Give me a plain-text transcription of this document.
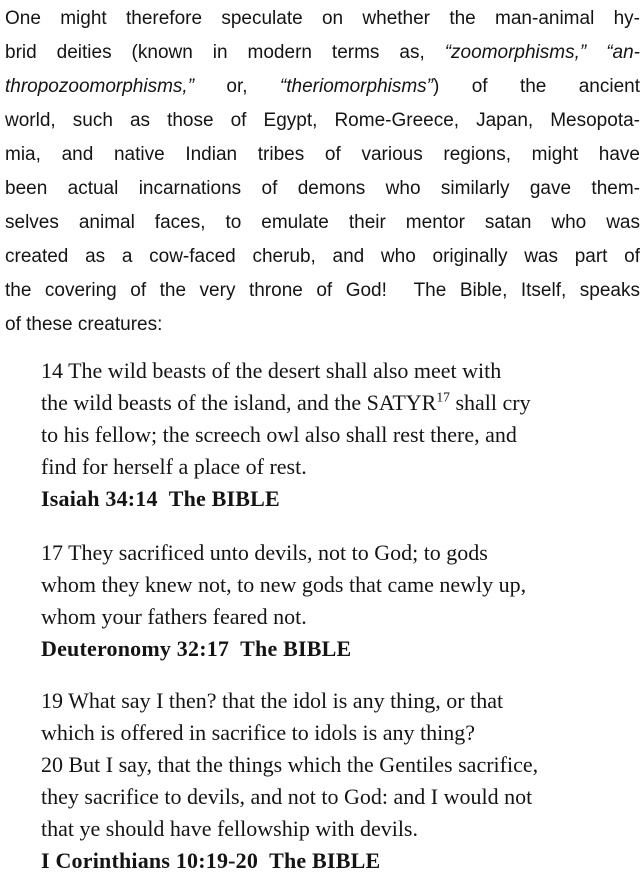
One might therefore speculate on whether the man-animal hy-
brid deities (known in modern terms as, “zoomorphisms,” “an-
thropozoomorphisms,” or, “theriomorphisms”) of the ancient
world, such as those of Egypt, Rome-Greece, Japan, Mesopota-
mia, and native Indian tribes of various regions, might have
been actual incarnations of demons who similarly gave them-
selves animal faces, to emulate their mentor satan who was
created as a cow-faced cherub, and who originally was part of
the covering of the very throne of God!  The Bible, Itself, speaks
of these creatures:
14 The wild beasts of the desert shall also meet with
the wild beasts of the island, and the SATYR$^{17}$ shall cry
to his fellow; the screech owl also shall rest there, and
find for herself a place of rest.
Isaiah 34:14  The BIBLE
17 They sacrificed unto devils, not to God; to gods
whom they knew not, to new gods that came newly up,
whom your fathers feared not.
Deuteronomy 32:17  The BIBLE
19 What say I then? that the idol is any thing, or that
which is offered in sacrifice to idols is any thing?
20 But I say, that the things which the Gentiles sacrifice,
they sacrifice to devils, and not to God: and I would not
that ye should have fellowship with devils.
I Corinthians 10:19-20  The BIBLE
